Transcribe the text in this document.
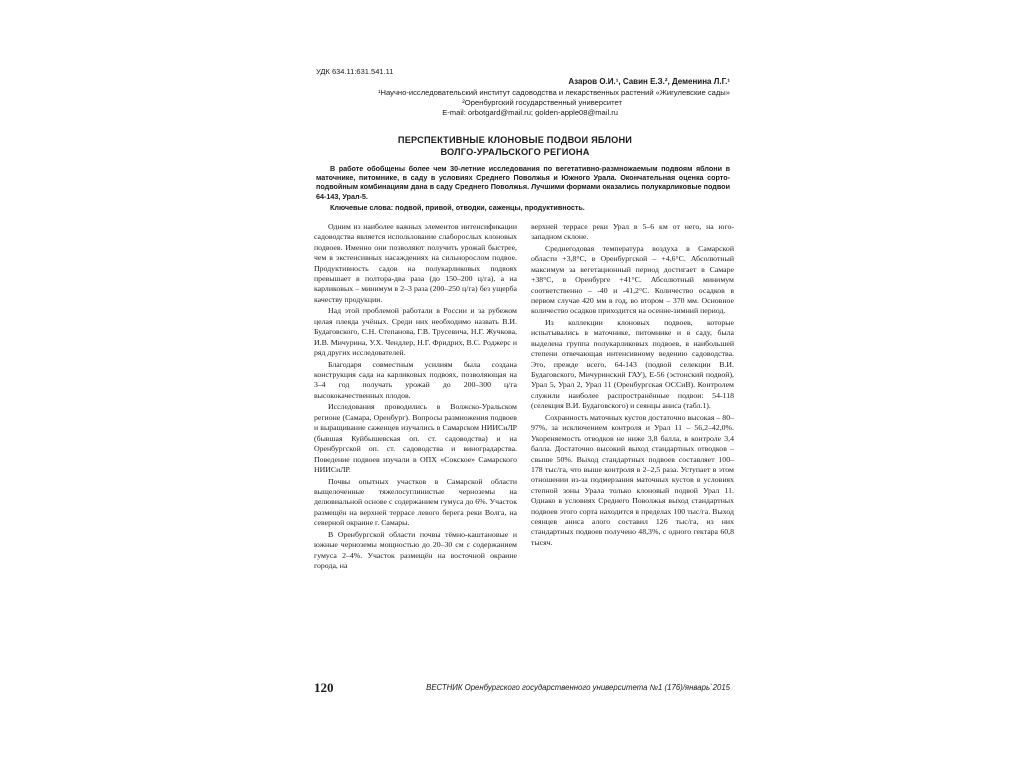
УДК 634.11:631.541.11
Азаров О.И.¹, Савин Е.З.², Деменина Л.Г.¹
¹Научно-исследовательский институт садоводства и лекарственных растений «Жигулевские сады»
²Оренбургский государственный университет
E-mail: orbotgard@mail.ru; golden-apple08@mail.ru
ПЕРСПЕКТИВНЫЕ КЛОНОВЫЕ ПОДВОИ ЯБЛОНИ
ВОЛГО-УРАЛЬСКОГО РЕГИОНА

В работе обобщены более чем 30-летние исследования по вегетативно-размножаемым подвоям яблони в маточнике, питомнике, в саду в условиях Среднего Поволжья и Южного Урала. Окончательная оценка сорто-подвойным комбинациям дана в саду Среднего Поволжья. Лучшими формами оказались полукарликовые подвои 64-143, Урал-5.

Ключевые слова: подвой, привой, отводки, саженцы, продуктивность.

Одним из наиболее важных элементов интенсификации садоводства является использование слаборослых клоновых подвоев. Именно они позволяют получить урожай быстрее, чем в экстенсивных насаждениях на сильнорослом подвое. Продуктивность садов на полукарликовых подвоях превышает в полтора-два раза (до 150–200 ц/га), а на карликовых – минимум в 2–3 раза (200–250 ц/га) без ущерба качеству продукции.

Над этой проблемой работали в России и за рубежом целая плеяда учёных. Среди них необходимо назвать В.И. Будаговского, С.Н. Степанова, Г.В. Трусевича, Н.Г. Жучкова, И.В. Мичурина, У.Х. Чендлер, Н.Г. Фридрих, В.С. Роджерс и ряд других исследователей.

Благодаря совместным усилиям была создана конструкция сада на карликовых подвоях, позволяющая на 3–4 год получать урожай до 200–300 ц/га высококачественных плодов.

Исследования проводились в Волжско-Уральском регионе (Самара, Оренбург). Вопросы размножения подвоев и выращивание саженцев изучались в Самарском НИИСиЛР (бывшая Куйбышевская оп. ст. садоводства) и на Оренбургской оп. ст. садоводства и виноградарства. Поведение подвоев изучали в ОПХ «Сокское» Самарского НИИСиЛР.

Почвы опытных участков в Самарской области выщелоченные тяжелосуглинистые черноземы на делювиальной основе с содержанием гумуса до 6%. Участок размещён на верхней террасе левого берега реки Волга, на северной окраине г. Самары.

В Оренбургской области почвы тёмно-каштановые и южные черноземы мощностью до 20–30 см с содержанием гумуса 2–4%. Участок размещён на восточной окраине города, на

верхней террасе реки Урал в 5–6 км от него, на юго-западном склоне.

Среднегодовая температура воздуха в Самарской области +3,8°С, в Оренбургской – +4,6°С. Абсолютный максимум за вегетационный период достигает в Самаре +38°С, в Оренбурге +41°С. Абсолютный минимум соответственно – -40 и -41,2°С. Количество осадков в первом случае 420 мм в год, во втором – 370 мм. Основное количество осадков приходится на осенне-зимний период.

Из коллекции клоновых подвоев, которые испытывались в маточнике, питомнике и в саду, была выделена группа полукарликовых подвоев, в наибольшей степени отвечающая интенсивному ведению садоводства. Это, прежде всего, 64-143 (подвой селекции В.И. Будаговского, Мичуринский ГАУ), Е-56 (эстонский подвой), Урал 5, Урал 2, Урал 11 (Оренбургская ОССиВ). Контролем служили наиболее распространённые подвои: 54-118 (селекция В.И. Будаговского) и сеянцы аниса (табл.1).

Сохранность маточных кустов достаточно высокая – 80–97%, за исключением контроля и Урал 11 – 56,2–42,0%. Укореняемость отводков не ниже 3,8 балла, в контроле 3,4 балла. Достаточно высокий выход стандартных отводков – свыше 50%. Выход стандартных подвоев составляет 100–178 тыс/га, что выше контроля в 2–2,5 раза. Уступает в этом отношении из-за подмерзания маточных кустов в условиях степной зоны Урала только клоновый подвой Урал 11. Однако в условиях Среднего Поволжья выход стандартных подвоев этого сорта находится в пределах 100 тыс/га. Выход сеянцев аниса алого составил 126 тыс/га, из них стандартных подвоев получено 48,3%, с одного гектара 60,8 тысяч.

120	ВЕСТНИК Оренбургского государственного университета №1 (176)/январь`2015
